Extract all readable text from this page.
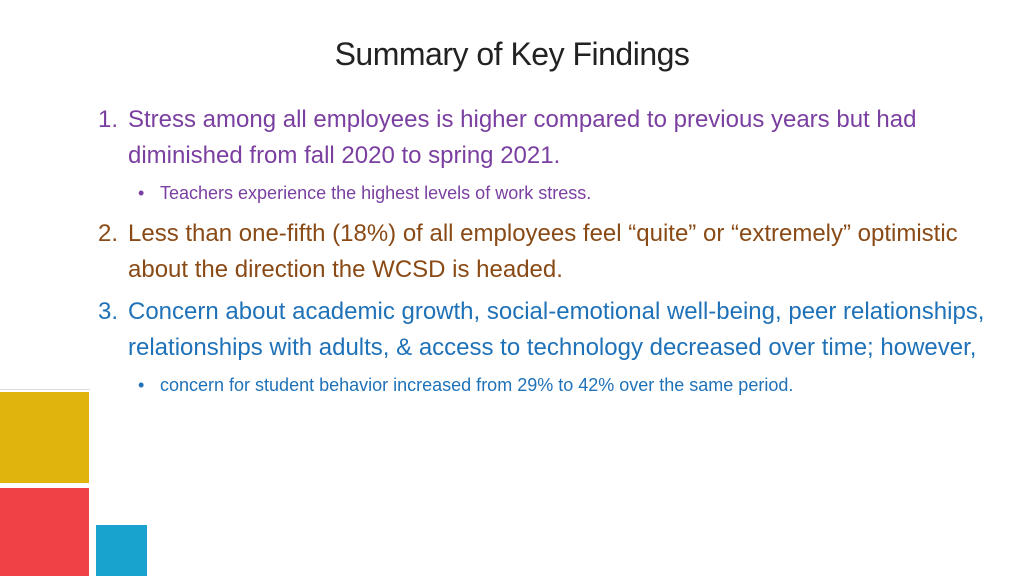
Summary of Key Findings
1. Stress among all employees is higher compared to previous years but had diminished from fall 2020 to spring 2021.
• Teachers experience the highest levels of work stress.
2. Less than one-fifth (18%) of all employees feel “quite” or “extremely” optimistic about the direction the WCSD is headed.
3. Concern about academic growth, social-emotional well-being, peer relationships, relationships with adults, & access to technology decreased over time; however,
• concern for student behavior increased from 29% to 42% over the same period.
